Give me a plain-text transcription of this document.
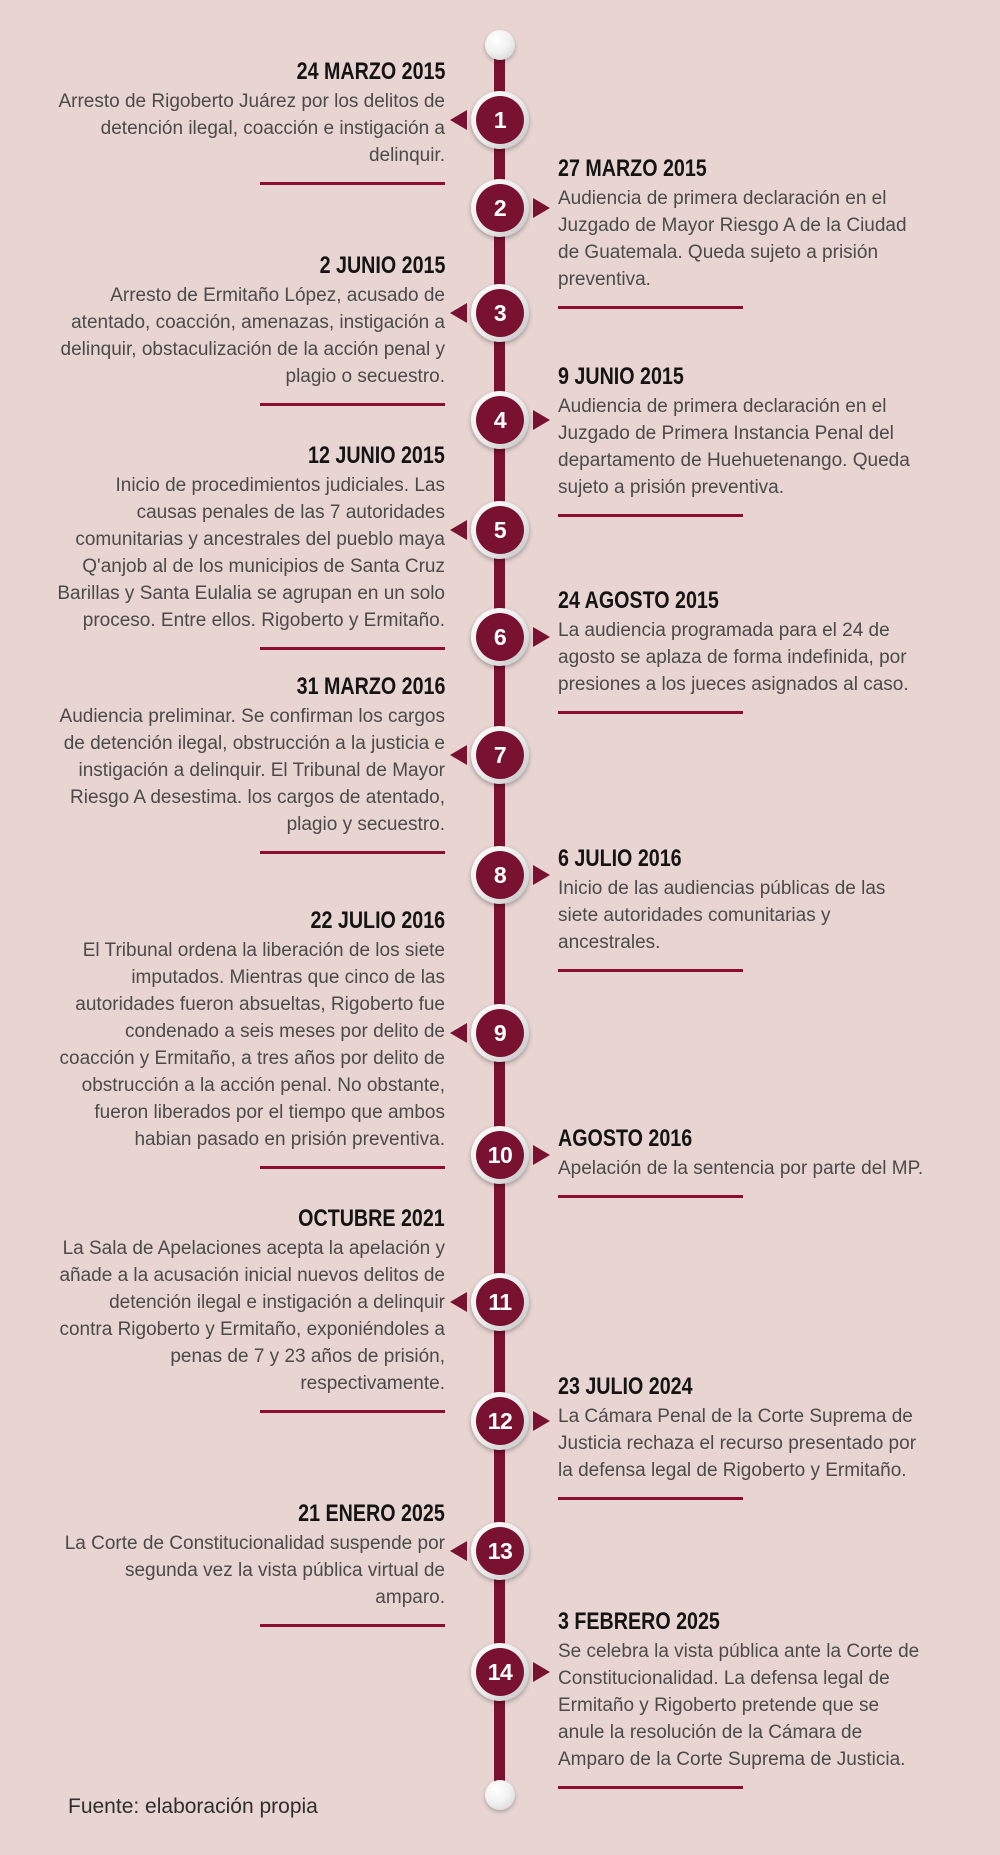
1
24 MARZO 2015
Arresto de Rigoberto Juárez por los delitos de detención ilegal, coacción e instigación a delinquir.
2
27 MARZO 2015
Audiencia de primera declaración en el Juzgado de Mayor Riesgo A de la Ciudad de Guatemala. Queda sujeto a prisión preventiva.
3
2 JUNIO 2015
Arresto de Ermitaño López, acusado de atentado, coacción, amenazas, instigación a delinquir, obstaculización de la acción penal y plagio o secuestro.
4
9 JUNIO 2015
Audiencia de primera declaración en el Juzgado de Primera Instancia Penal del departamento de Huehuetenango. Queda sujeto a prisión preventiva.
5
12 JUNIO 2015
Inicio de procedimientos judiciales. Las causas penales de las 7 autoridades comunitarias y ancestrales del pueblo maya Q'anjob al de los municipios de Santa Cruz Barillas y Santa Eulalia se agrupan en un solo proceso. Entre ellos. Rigoberto y Ermitaño.
6
24 AGOSTO 2015
La audiencia programada para el 24 de agosto se aplaza de forma indefinida, por presiones a los jueces asignados al caso.
7
31 MARZO 2016
Audiencia preliminar. Se confirman los cargos de detención ilegal, obstrucción a la justicia e instigación a delinquir. El Tribunal de Mayor Riesgo A desestima. los cargos de atentado, plagio y secuestro.
8
6 JULIO 2016
Inicio de las audiencias públicas de las siete autoridades comunitarias y ancestrales.
9
22 JULIO 2016
El Tribunal ordena la liberación de los siete imputados. Mientras que cinco de las autoridades fueron absueltas, Rigoberto fue condenado a seis meses por delito de coacción y Ermitaño, a tres años por delito de obstrucción a la acción penal. No obstante, fueron liberados por el tiempo que ambos habian pasado en prisión preventiva.
10
AGOSTO 2016
Apelación de la sentencia por parte del MP.
11
OCTUBRE 2021
La Sala de Apelaciones acepta la apelación y añade a la acusación inicial nuevos delitos de detención ilegal e instigación a delinquir contra Rigoberto y Ermitaño, exponiéndoles a penas de 7 y 23 años de prisión, respectivamente.
12
23 JULIO 2024
La Cámara Penal de la Corte Suprema de Justicia rechaza el recurso presentado por la defensa legal de Rigoberto y Ermitaño.
13
21 ENERO 2025
La Corte de Constitucionalidad suspende por segunda vez la vista pública virtual de amparo.
14
3 FEBRERO 2025
Se celebra la vista pública ante la Corte de Constitucionalidad. La defensa legal de Ermitaño y Rigoberto pretende que se anule la resolución de la Cámara de Amparo de la Corte Suprema de Justicia.
Fuente: elaboración propia
